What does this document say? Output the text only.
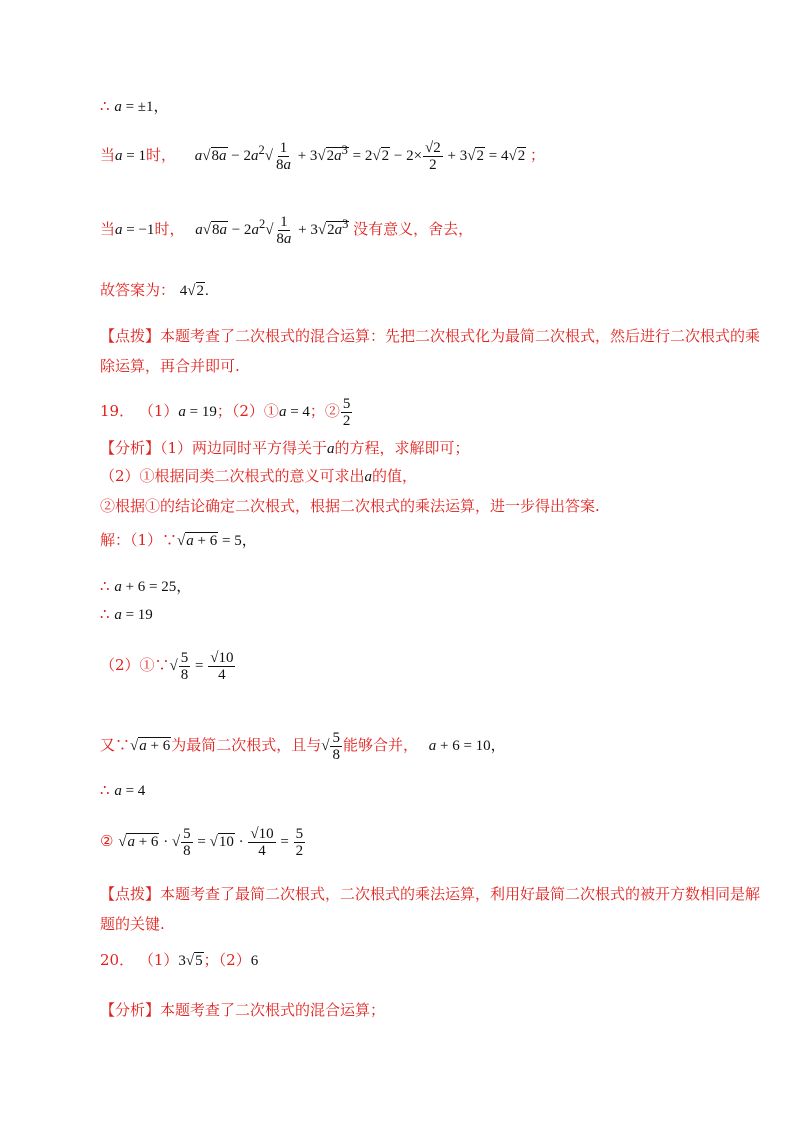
∴ a = ±1，
当a = 1时， $a√8a - 2a^2√ \frac{1}{8a} + 3√2a^3 = 2√2 - 2\times \frac{√2}{2} + 3√2 = 4√2$ ；
当a = −1时， $a√8a - 2a^2√ \frac{1}{8a} + 3√2a^3$ 没有意义，舍去，
故答案为： 4√2.
【点拨】本题考查了二次根式的混合运算：先把二次根式化为最简二次根式，然后进行二次根式的乘
除运算，再合并即可.
19． （1）a = 19；（2）①a = 4；② $\frac{5}{2}$
【分析】（1）两边同时平方得关于a的方程，求解即可；
（2）①根据同类二次根式的意义可求出a的值，
②根据①的结论确定二次根式，根据二次根式的乘法运算，进一步得出答案.
解：（1）∵√a + 6 = 5，
∴ a + 6 = 25，
∴ a = 19
（2）①∵√ $\frac{5}{8} = \frac{√10}{4}$
又∵√a + 6为最简二次根式，且与√ $\frac{5}{8}$ 能够合并， a + 6 = 10，
∴ a = 4
② √a + 6 · √ $\frac{5}{8} = √10 \cdot \frac{√10}{4} = \frac{5}{2}$
【点拨】本题考查了最简二次根式，二次根式的乘法运算，利用好最简二次根式的被开方数相同是解
题的关键.
20． （1）3√5；（2）6
【分析】本题考查了二次根式的混合运算；
